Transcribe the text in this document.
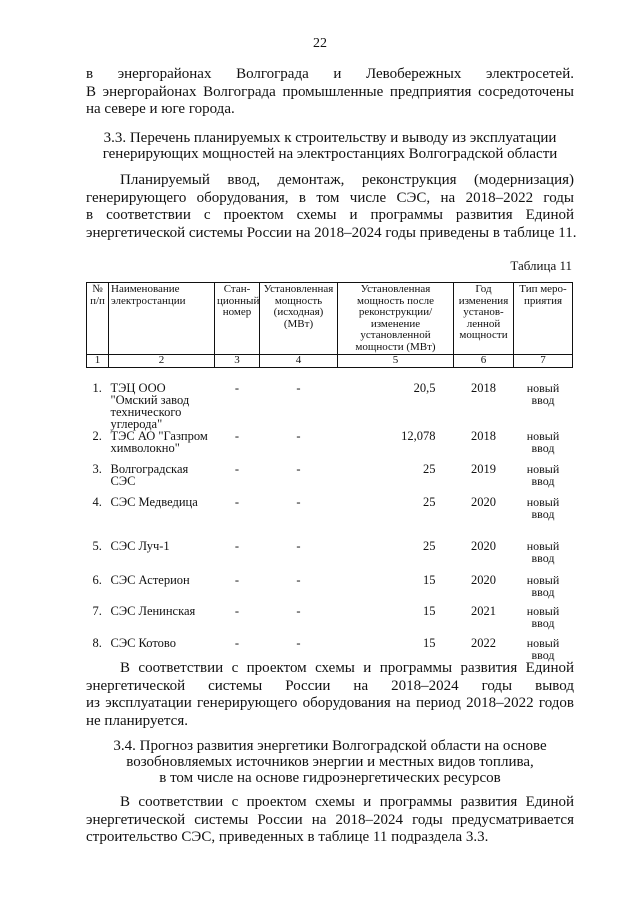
22
в энергорайонах Волгограда и Левобережных электросетей.
В энергорайонах Волгограда промышленные предприятия сосредоточены
на севере и юге города.
3.3. Перечень планируемых к строительству и выводу из эксплуатации
генерирующих мощностей на электростанциях Волгоградской области
Планируемый ввод, демонтаж, реконструкция (модернизация)
генерирующего оборудования, в том числе СЭС, на 2018–2022 годы
в соответствии с проектом схемы и программы развития Единой
энергетической системы России на 2018–2024 годы приведены в таблице 11.
Таблица 11
№ п/п	Наименование электростанции	Стан-ционный номер	Установленная мощность (исходная) (МВт)	Установленная мощность после реконструкции/ изменение установленной мощности (МВт)	Год изменения установ-ленной мощности	Тип меро-приятия
1	2	3	4	5	6	7
1.	ТЭЦ ООО "Омский завод технического углерода"	-	-	20,5	2018	новый ввод
2.	ТЭС АО "Газпром химволокно"	-	-	12,078	2018	новый ввод
3.	Волгоградская СЭС	-	-	25	2019	новый ввод
4.	СЭС Медведица	-	-	25	2020	новый ввод
5.	СЭС Луч-1	-	-	25	2020	новый ввод
6.	СЭС Астерион	-	-	15	2020	новый ввод
7.	СЭС Ленинская	-	-	15	2021	новый ввод
8.	СЭС Котово	-	-	15	2022	новый ввод
В соответствии с проектом схемы и программы развития Единой
энергетической системы России на 2018–2024 годы вывод
из эксплуатации генерирующего оборудования на период 2018–2022 годов
не планируется.
3.4. Прогноз развития энергетики Волгоградской области на основе
возобновляемых источников энергии и местных видов топлива,
в том числе на основе гидроэнергетических ресурсов
В соответствии с проектом схемы и программы развития Единой
энергетической системы России на 2018–2024 годы предусматривается
строительство СЭС, приведенных в таблице 11 подраздела 3.3.
